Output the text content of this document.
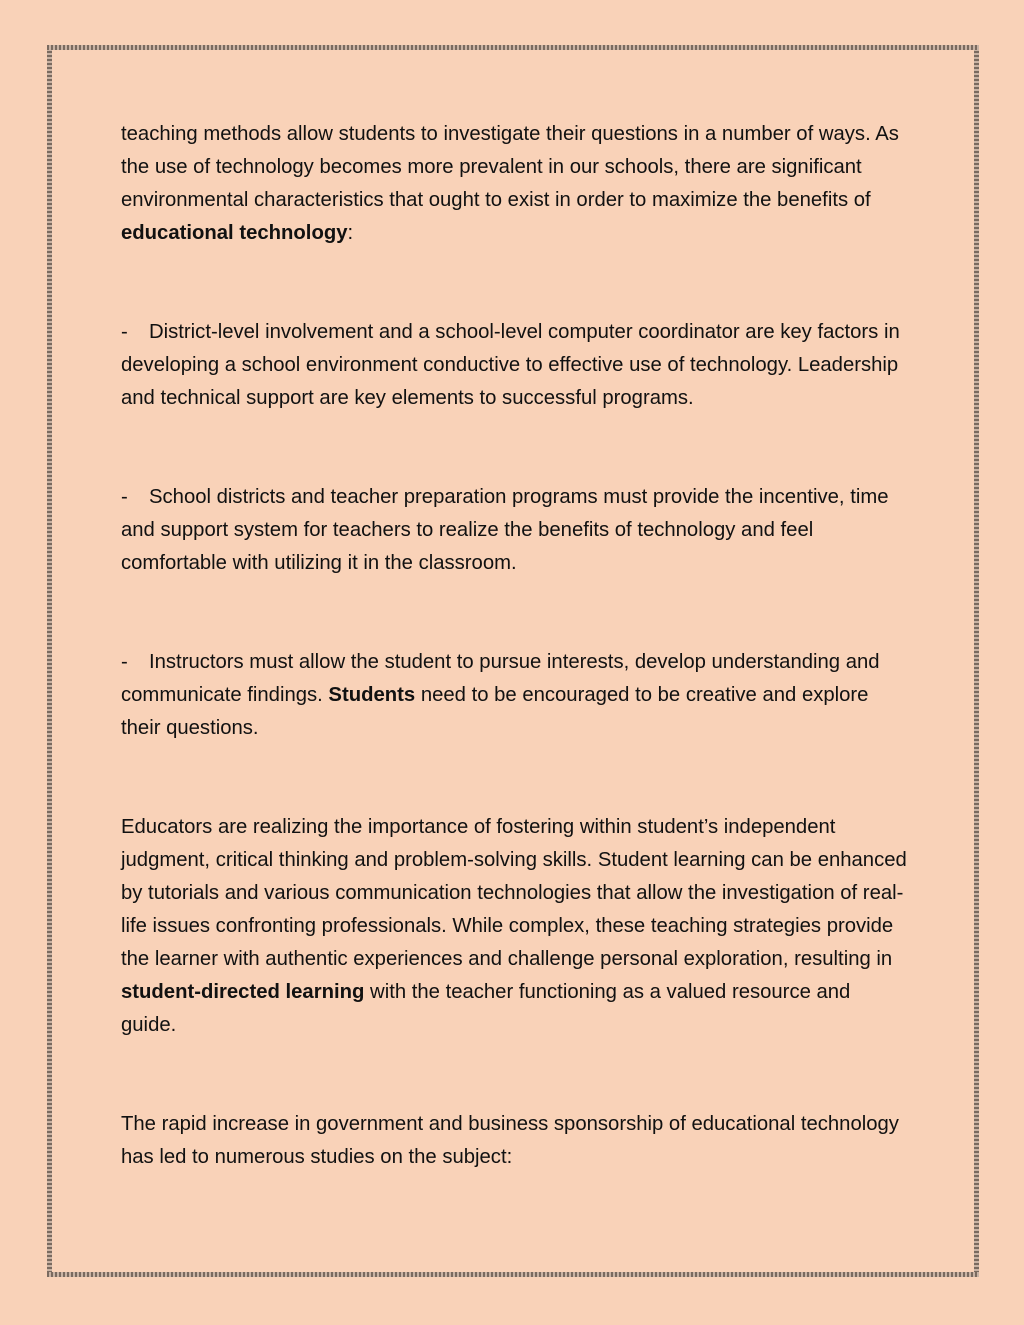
teaching methods allow students to investigate their questions in a number of ways. As the use of technology becomes more prevalent in our schools, there are significant environmental characteristics that ought to exist in order to maximize the benefits of educational technology:

- District-level involvement and a school-level computer coordinator are key factors in developing a school environment conductive to effective use of technology. Leadership and technical support are key elements to successful programs.

- School districts and teacher preparation programs must provide the incentive, time and support system for teachers to realize the benefits of technology and feel comfortable with utilizing it in the classroom.

- Instructors must allow the student to pursue interests, develop understanding and communicate findings. Students need to be encouraged to be creative and explore their questions.

Educators are realizing the importance of fostering within student’s independent judgment, critical thinking and problem-solving skills. Student learning can be enhanced by tutorials and various communication technologies that allow the investigation of real-life issues confronting professionals. While complex, these teaching strategies provide the learner with authentic experiences and challenge personal exploration, resulting in student-directed learning with the teacher functioning as a valued resource and guide.

The rapid increase in government and business sponsorship of educational technology has led to numerous studies on the subject:
